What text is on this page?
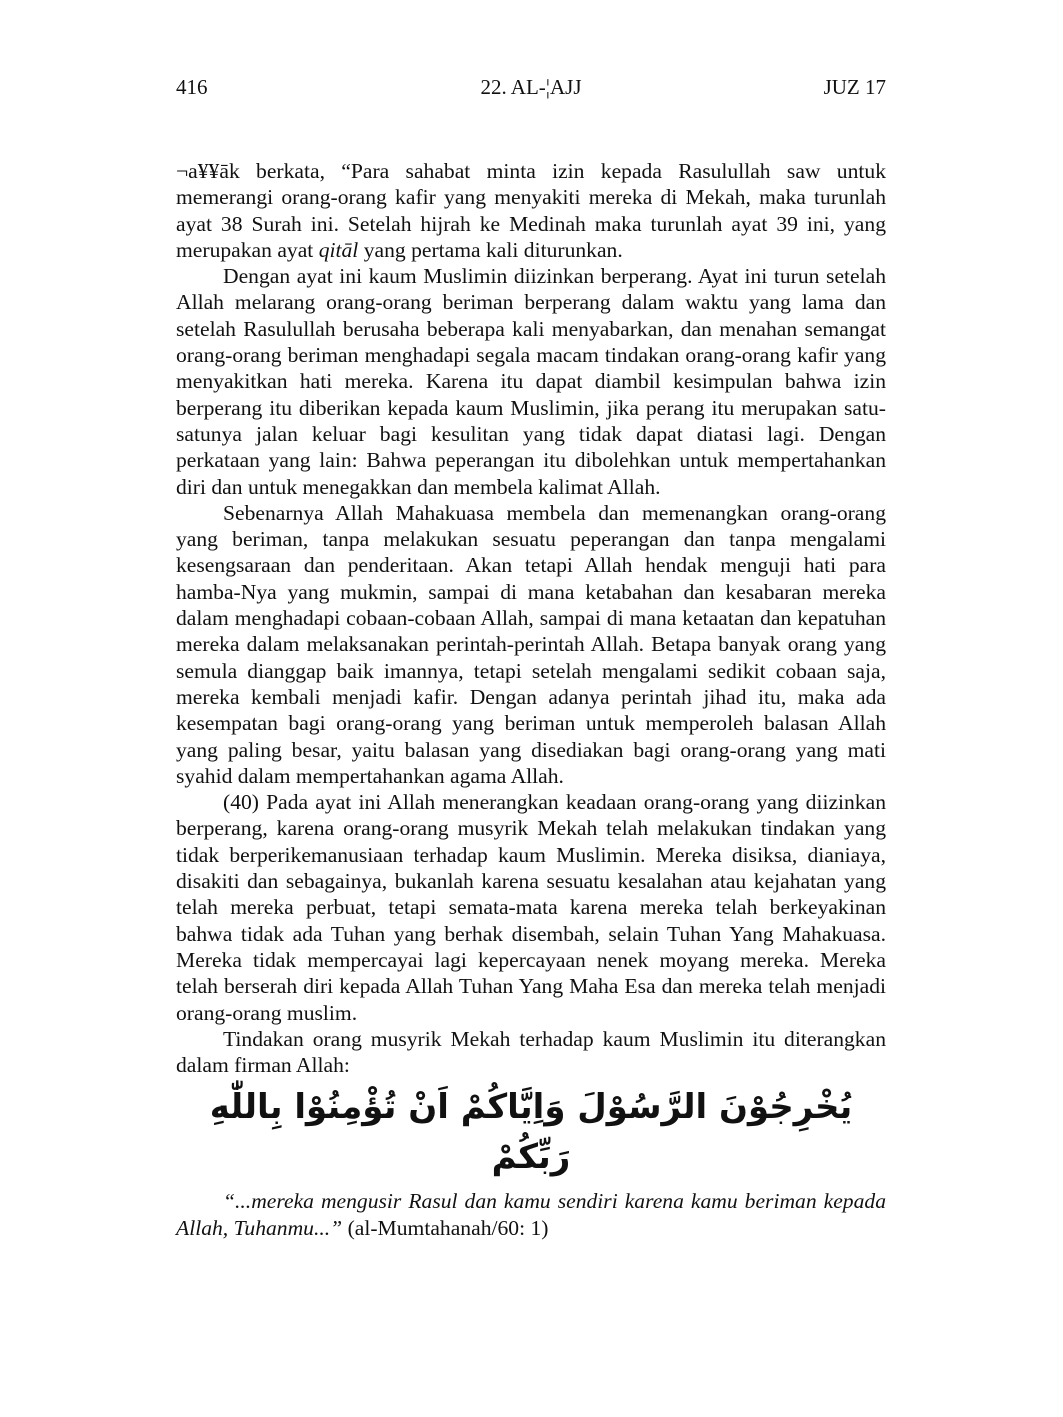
416	22. AL-¦AJJ	JUZ 17

¬a¥¥āk berkata, “Para sahabat minta izin kepada Rasulullah saw untuk memerangi orang-orang kafir yang menyakiti mereka di Mekah, maka turunlah ayat 38 Surah ini. Setelah hijrah ke Medinah maka turunlah ayat 39 ini, yang merupakan ayat qitāl yang pertama kali diturunkan.

Dengan ayat ini kaum Muslimin diizinkan berperang. Ayat ini turun setelah Allah melarang orang-orang beriman berperang dalam waktu yang lama dan setelah Rasulullah berusaha beberapa kali menyabarkan, dan menahan semangat orang-orang beriman menghadapi segala macam tindakan orang-orang kafir yang menyakitkan hati mereka. Karena itu dapat diambil kesimpulan bahwa izin berperang itu diberikan kepada kaum Muslimin, jika perang itu merupakan satu-satunya jalan keluar bagi kesulitan yang tidak dapat diatasi lagi. Dengan perkataan yang lain: Bahwa peperangan itu dibolehkan untuk mempertahankan diri dan untuk menegakkan dan membela kalimat Allah.

Sebenarnya Allah Mahakuasa membela dan memenangkan orang-orang yang beriman, tanpa melakukan sesuatu peperangan dan tanpa mengalami kesengsaraan dan penderitaan. Akan tetapi Allah hendak menguji hati para hamba-Nya yang mukmin, sampai di mana ketabahan dan kesabaran mereka dalam menghadapi cobaan-cobaan Allah, sampai di mana ketaatan dan kepatuhan mereka dalam melaksanakan perintah-perintah Allah. Betapa banyak orang yang semula dianggap baik imannya, tetapi setelah mengalami sedikit cobaan saja, mereka kembali menjadi kafir. Dengan adanya perintah jihad itu, maka ada kesempatan bagi orang-orang yang beriman untuk memperoleh balasan Allah yang paling besar, yaitu balasan yang disediakan bagi orang-orang yang mati syahid dalam mempertahankan agama Allah.

(40) Pada ayat ini Allah menerangkan keadaan orang-orang yang diizinkan berperang, karena orang-orang musyrik Mekah telah melakukan tindakan yang tidak berperikemanusiaan terhadap kaum Muslimin. Mereka disiksa, dianiaya, disakiti dan sebagainya, bukanlah karena sesuatu kesalahan atau kejahatan yang telah mereka perbuat, tetapi semata-mata karena mereka telah berkeyakinan bahwa tidak ada Tuhan yang berhak disembah, selain Tuhan Yang Mahakuasa. Mereka tidak mempercayai lagi kepercayaan nenek moyang mereka. Mereka telah berserah diri kepada Allah Tuhan Yang Maha Esa dan mereka telah menjadi orang-orang muslim.

Tindakan orang musyrik Mekah terhadap kaum Muslimin itu diterangkan dalam firman Allah:

يُخْرِجُوْنَ الرَّسُوْلَ وَاِيَّاكُمْ اَنْ تُؤْمِنُوْا بِاللّٰهِ رَبِّكُمْ

“...mereka mengusir Rasul dan kamu sendiri karena kamu beriman kepada Allah, Tuhanmu...” (al-Mumtahanah/60: 1)
